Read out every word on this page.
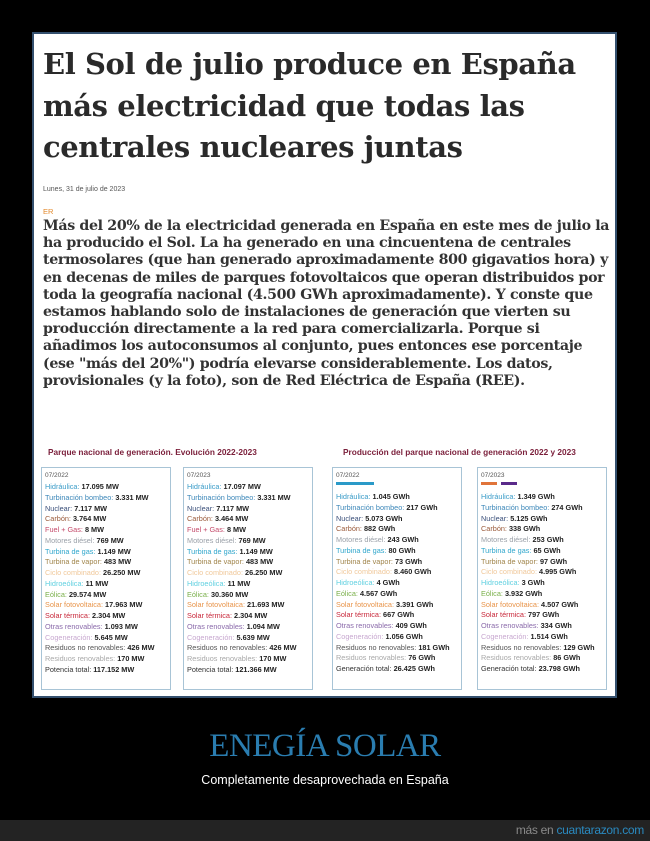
El Sol de julio produce en España más electricidad que todas las centrales nucleares juntas
Lunes, 31 de julio de 2023
ER

Más del 20% de la electricidad generada en España en este mes de julio la ha producido el Sol. La ha generado en una cincuentena de centrales termosolares (que han generado aproximadamente 800 gigavatios hora) y en decenas de miles de parques fotovoltaicos que operan distribuidos por toda la geografía nacional (4.500 GWh aproximadamente). Y conste que estamos hablando solo de instalaciones de generación que vierten su producción directamente a la red para comercializarla. Porque si añadimos los autoconsumos al conjunto, pues entonces ese porcentaje (ese "más del 20%") podría elevarse considerablemente. Los datos, provisionales (y la foto), son de Red Eléctrica de España (REE).

Parque nacional de generación. Evolución 2022-2023	Producción del parque nacional de generación 2022 y 2023
07/2022
Hidráulica: 17.095 MW
Turbinación bombeo: 3.331 MW
Nuclear: 7.117 MW
Carbón: 3.764 MW
Fuel + Gas: 8 MW
Motores diésel: 769 MW
Turbina de gas: 1.149 MW
Turbina de vapor: 483 MW
Ciclo combinado: 26.250 MW
Hidroeólica: 11 MW
Eólica: 29.574 MW
Solar fotovoltaica: 17.963 MW
Solar térmica: 2.304 MW
Otras renovables: 1.093 MW
Cogeneración: 5.645 MW
Residuos no renovables: 426 MW
Residuos renovables: 170 MW
Potencia total: 117.152 MW
07/2023
Hidráulica: 17.097 MW
Turbinación bombeo: 3.331 MW
Nuclear: 7.117 MW
Carbón: 3.464 MW
Fuel + Gas: 8 MW
Motores diésel: 769 MW
Turbina de gas: 1.149 MW
Turbina de vapor: 483 MW
Ciclo combinado: 26.250 MW
Hidroeólica: 11 MW
Eólica: 30.360 MW
Solar fotovoltaica: 21.693 MW
Solar térmica: 2.304 MW
Otras renovables: 1.094 MW
Cogeneración: 5.639 MW
Residuos no renovables: 426 MW
Residuos renovables: 170 MW
Potencia total: 121.366 MW
07/2022
Hidráulica: 1.045 GWh
Turbinación bombeo: 217 GWh
Nuclear: 5.073 GWh
Carbón: 882 GWh
Motores diésel: 243 GWh
Turbina de gas: 80 GWh
Turbina de vapor: 73 GWh
Ciclo combinado: 8.460 GWh
Hidroeólica: 4 GWh
Eólica: 4.567 GWh
Solar fotovoltaica: 3.391 GWh
Solar térmica: 667 GWh
Otras renovables: 409 GWh
Cogeneración: 1.056 GWh
Residuos no renovables: 181 GWh
Residuos renovables: 76 GWh
Generación total: 26.425 GWh
07/2023
Hidráulica: 1.349 GWh
Turbinación bombeo: 274 GWh
Nuclear: 5.125 GWh
Carbón: 338 GWh
Motores diésel: 253 GWh
Turbina de gas: 65 GWh
Turbina de vapor: 97 GWh
Ciclo combinado: 4.995 GWh
Hidroeólica: 3 GWh
Eólica: 3.932 GWh
Solar fotovoltaica: 4.507 GWh
Solar térmica: 797 GWh
Otras renovables: 334 GWh
Cogeneración: 1.514 GWh
Residuos no renovables: 129 GWh
Residuos renovables: 86 GWh
Generación total: 23.798 GWh
ENEGÍA SOLAR
Completamente desaprovechada en España
más en cuantarazon.com
